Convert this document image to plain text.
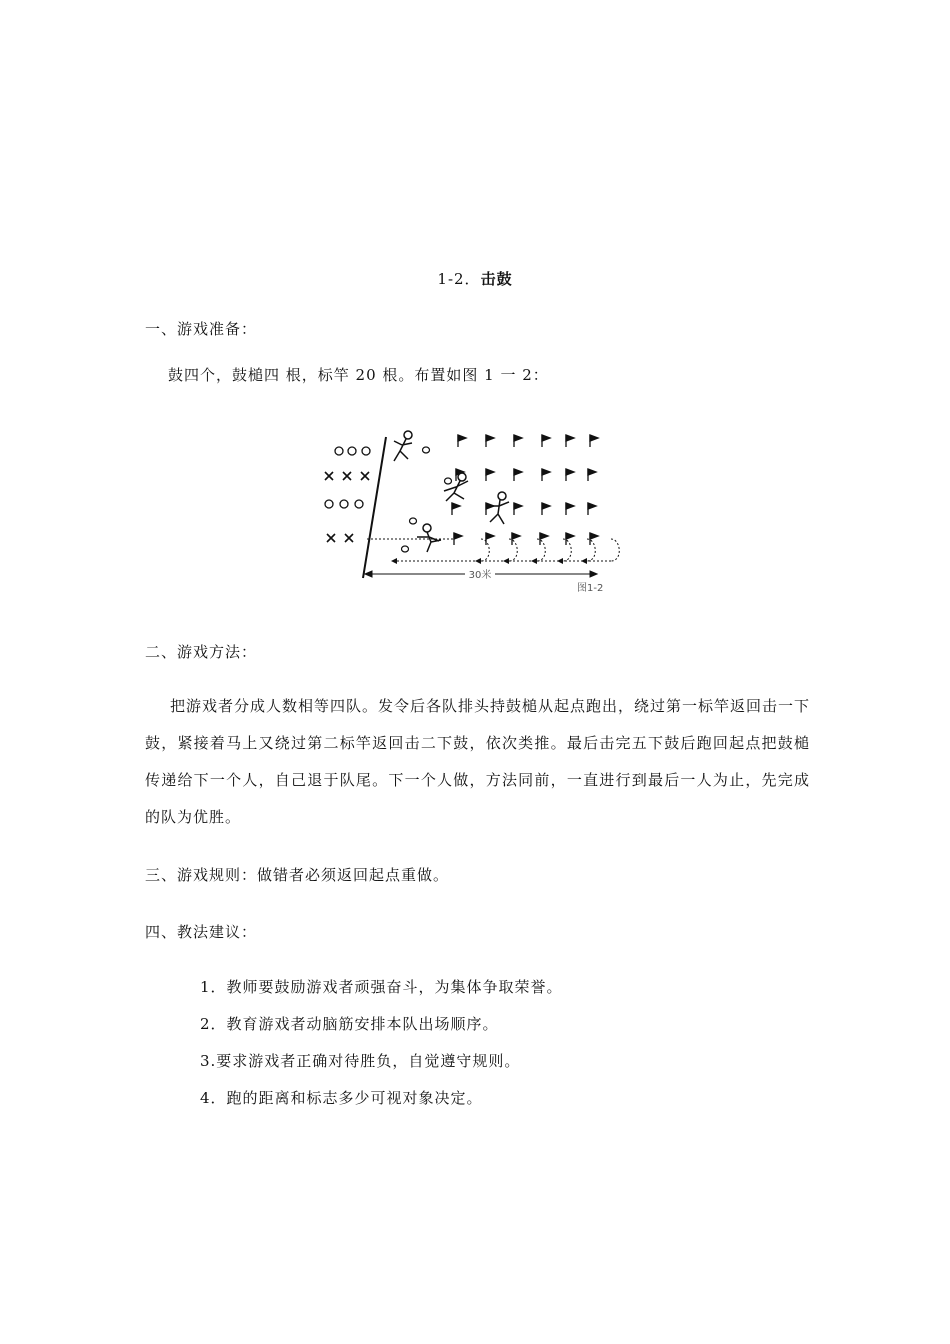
1-2．击鼓
一、游戏准备：
鼓四个，鼓槌四 根，标竿 20 根。布置如图 1 一 2：
30米
图1-2
二、游戏方法：
把游戏者分成人数相等四队。发令后各队排头持鼓槌从起点跑出，绕过第一标竿返回击一下鼓，紧接着马上又绕过第二标竿返回击二下鼓，依次类推。最后击完五下鼓后跑回起点把鼓槌传递给下一个人，自己退于队尾。下一个人做，方法同前，一直进行到最后一人为止，先完成的队为优胜。
三、游戏规则：做错者必须返回起点重做。
四、教法建议：
1．教师要鼓励游戏者顽强奋斗，为集体争取荣誉。
2．教育游戏者动脑筋安排本队出场顺序。
3.要求游戏者正确对待胜负，自觉遵守规则。
4．跑的距离和标志多少可视对象决定。
